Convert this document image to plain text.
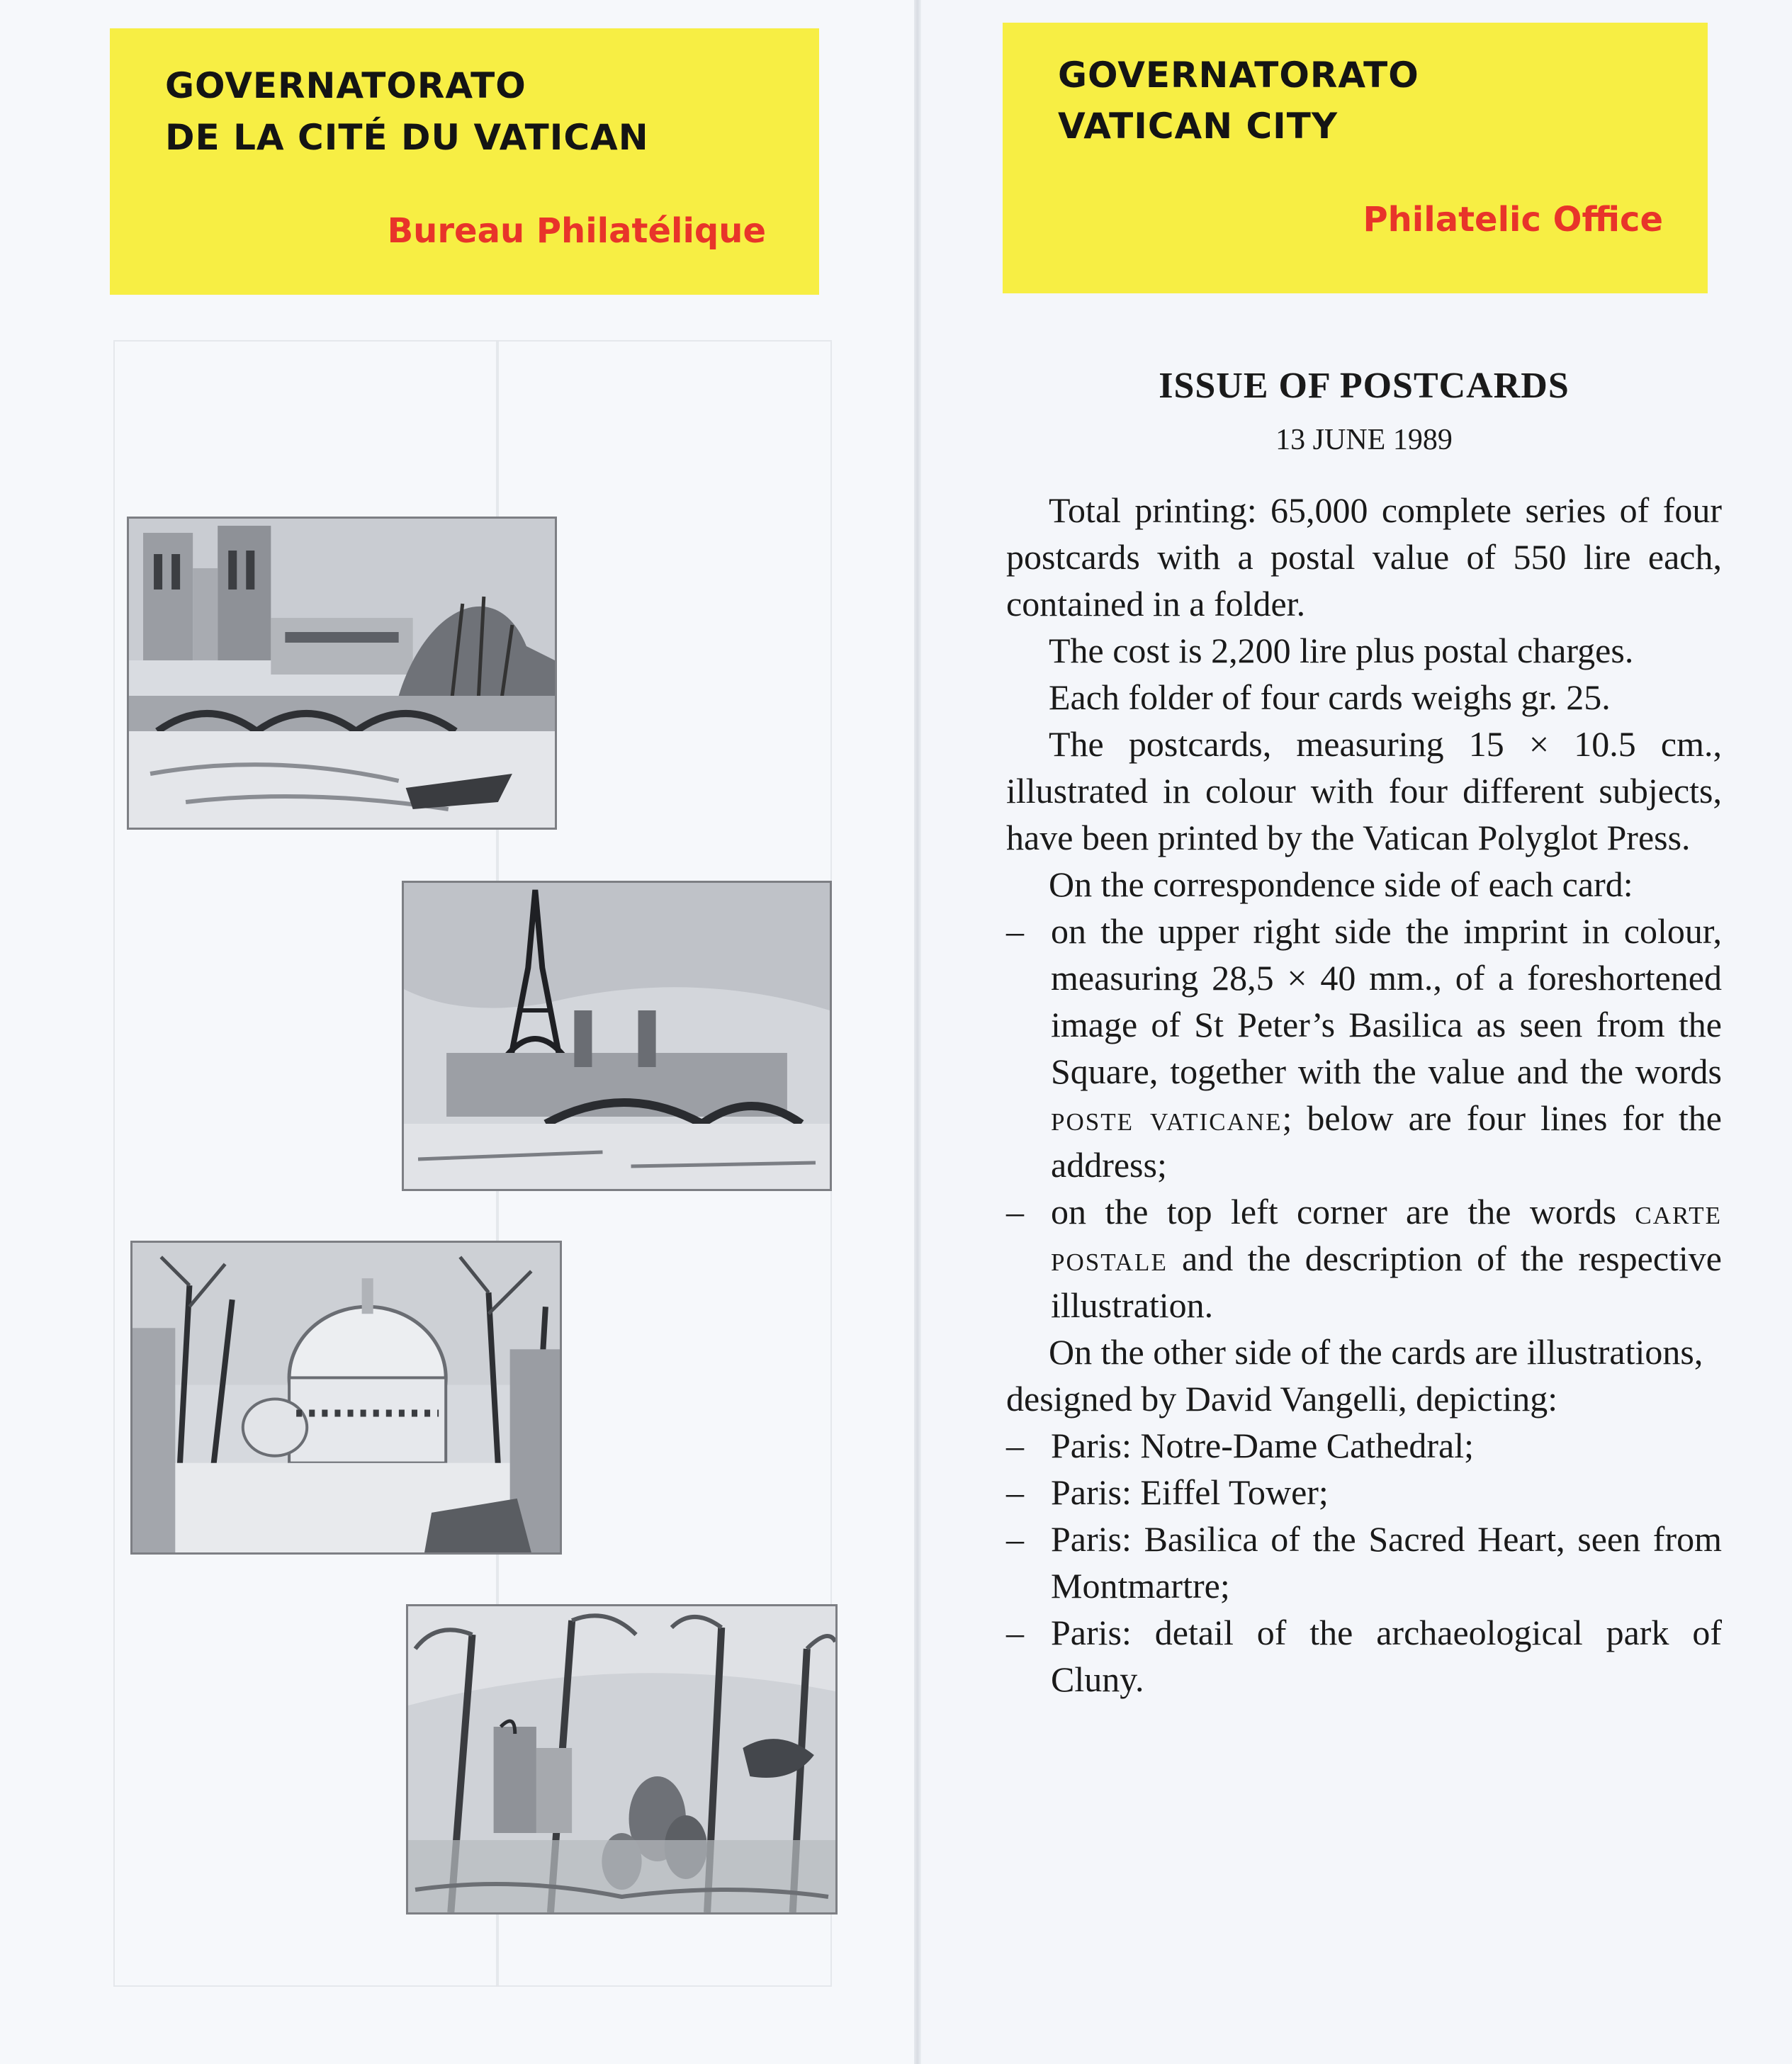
GOVERNATORATO
DE LA CITÉ DU VATICAN
Bureau Philatélique
GOVERNATORATO
VATICAN CITY
Philatelic Office
ISSUE OF POSTCARDS

13 JUNE 1989

Total printing: 65,000 complete series of four postcards with a postal value of 550 lire each, contained in a folder.

The cost is 2,200 lire plus postal charges.

Each folder of four cards weighs gr. 25.

The postcards, measuring 15 × 10.5 cm., illustrated in colour with four different subjects, have been printed by the Vatican Polyglot Press.

On the correspondence side of each card:

– on the upper right side the imprint in colour, measuring 28,5 × 40 mm., of a foreshortened image of St Peter’s Basilica as seen from the Square, together with the value and the words poste vaticane; below are four lines for the address;

– on the top left corner are the words carte postale and the description of the respective illustration.

On the other side of the cards are illustrations, designed by David Vangelli, depicting:

– Paris: Notre-Dame Cathedral;

– Paris: Eiffel Tower;

– Paris: Basilica of the Sacred Heart, seen from Montmartre;

– Paris: detail of the archaeological park of Cluny.
